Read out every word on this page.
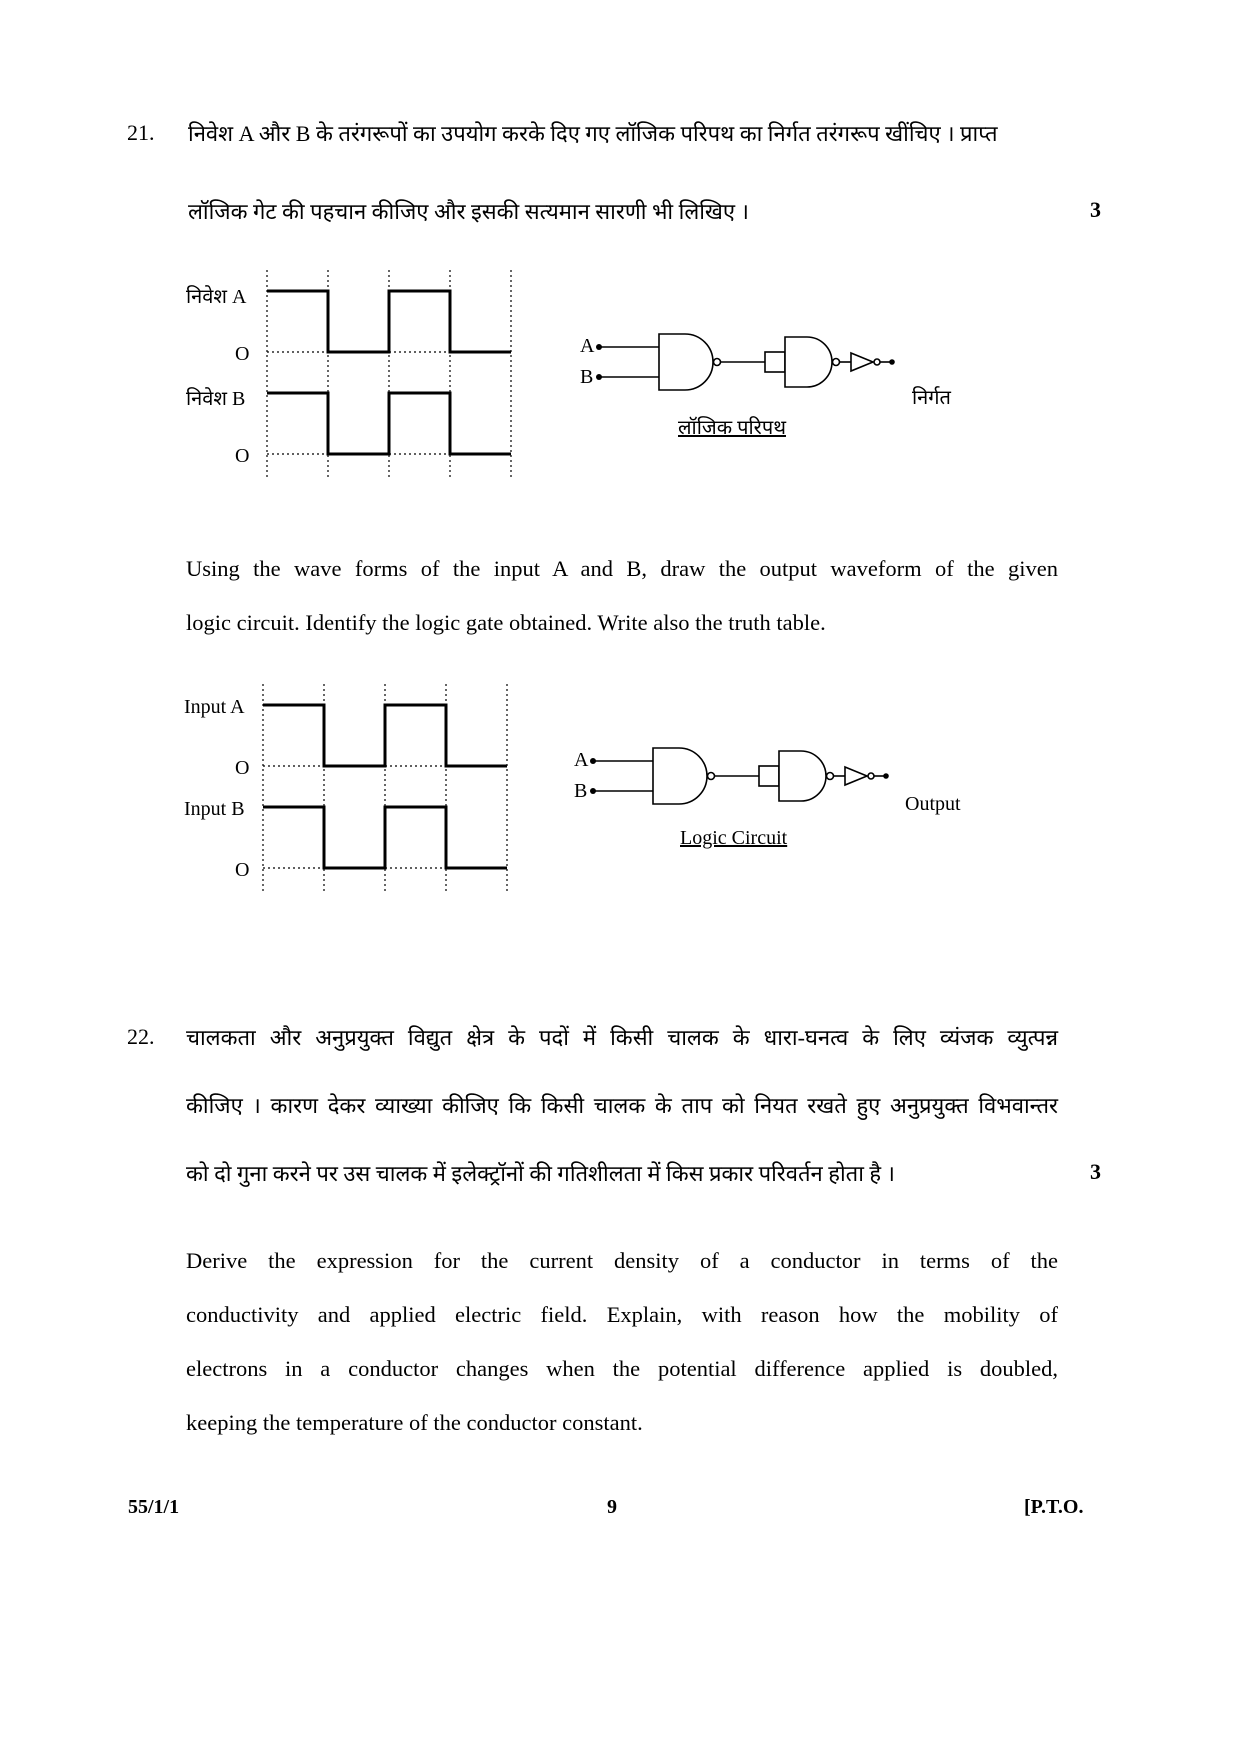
21. निवेश A और B के तरंगरूपों का उपयोग करके दिए गए लॉजिक परिपथ का निर्गत तरंगरूप खींचिए । प्राप्त
लॉजिक गेट की पहचान कीजिए और इसकी सत्यमान सारणी भी लिखिए ।	3
निवेश A
O
निवेश B
O
A
B
निर्गत
लॉजिक परिपथ
Using the wave forms of the input A and B, draw the output waveform of the given
logic circuit. Identify the logic gate obtained. Write also the truth table.
Input A
O
Input B
O
A
B
Output
Logic Circuit
22. चालकता और अनुप्रयुक्त विद्युत क्षेत्र के पदों में किसी चालक के धारा-घनत्व के लिए व्यंजक व्युत्पन्न
कीजिए । कारण देकर व्याख्या कीजिए कि किसी चालक के ताप को नियत रखते हुए अनुप्रयुक्त विभवान्तर
को दो गुना करने पर उस चालक में इलेक्ट्रॉनों की गतिशीलता में किस प्रकार परिवर्तन होता है ।	3
Derive the expression for the current density of a conductor in terms of the
conductivity and applied electric field. Explain, with reason how the mobility of
electrons in a conductor changes when the potential difference applied is doubled,
keeping the temperature of the conductor constant.
55/1/1	9	[P.T.O.
